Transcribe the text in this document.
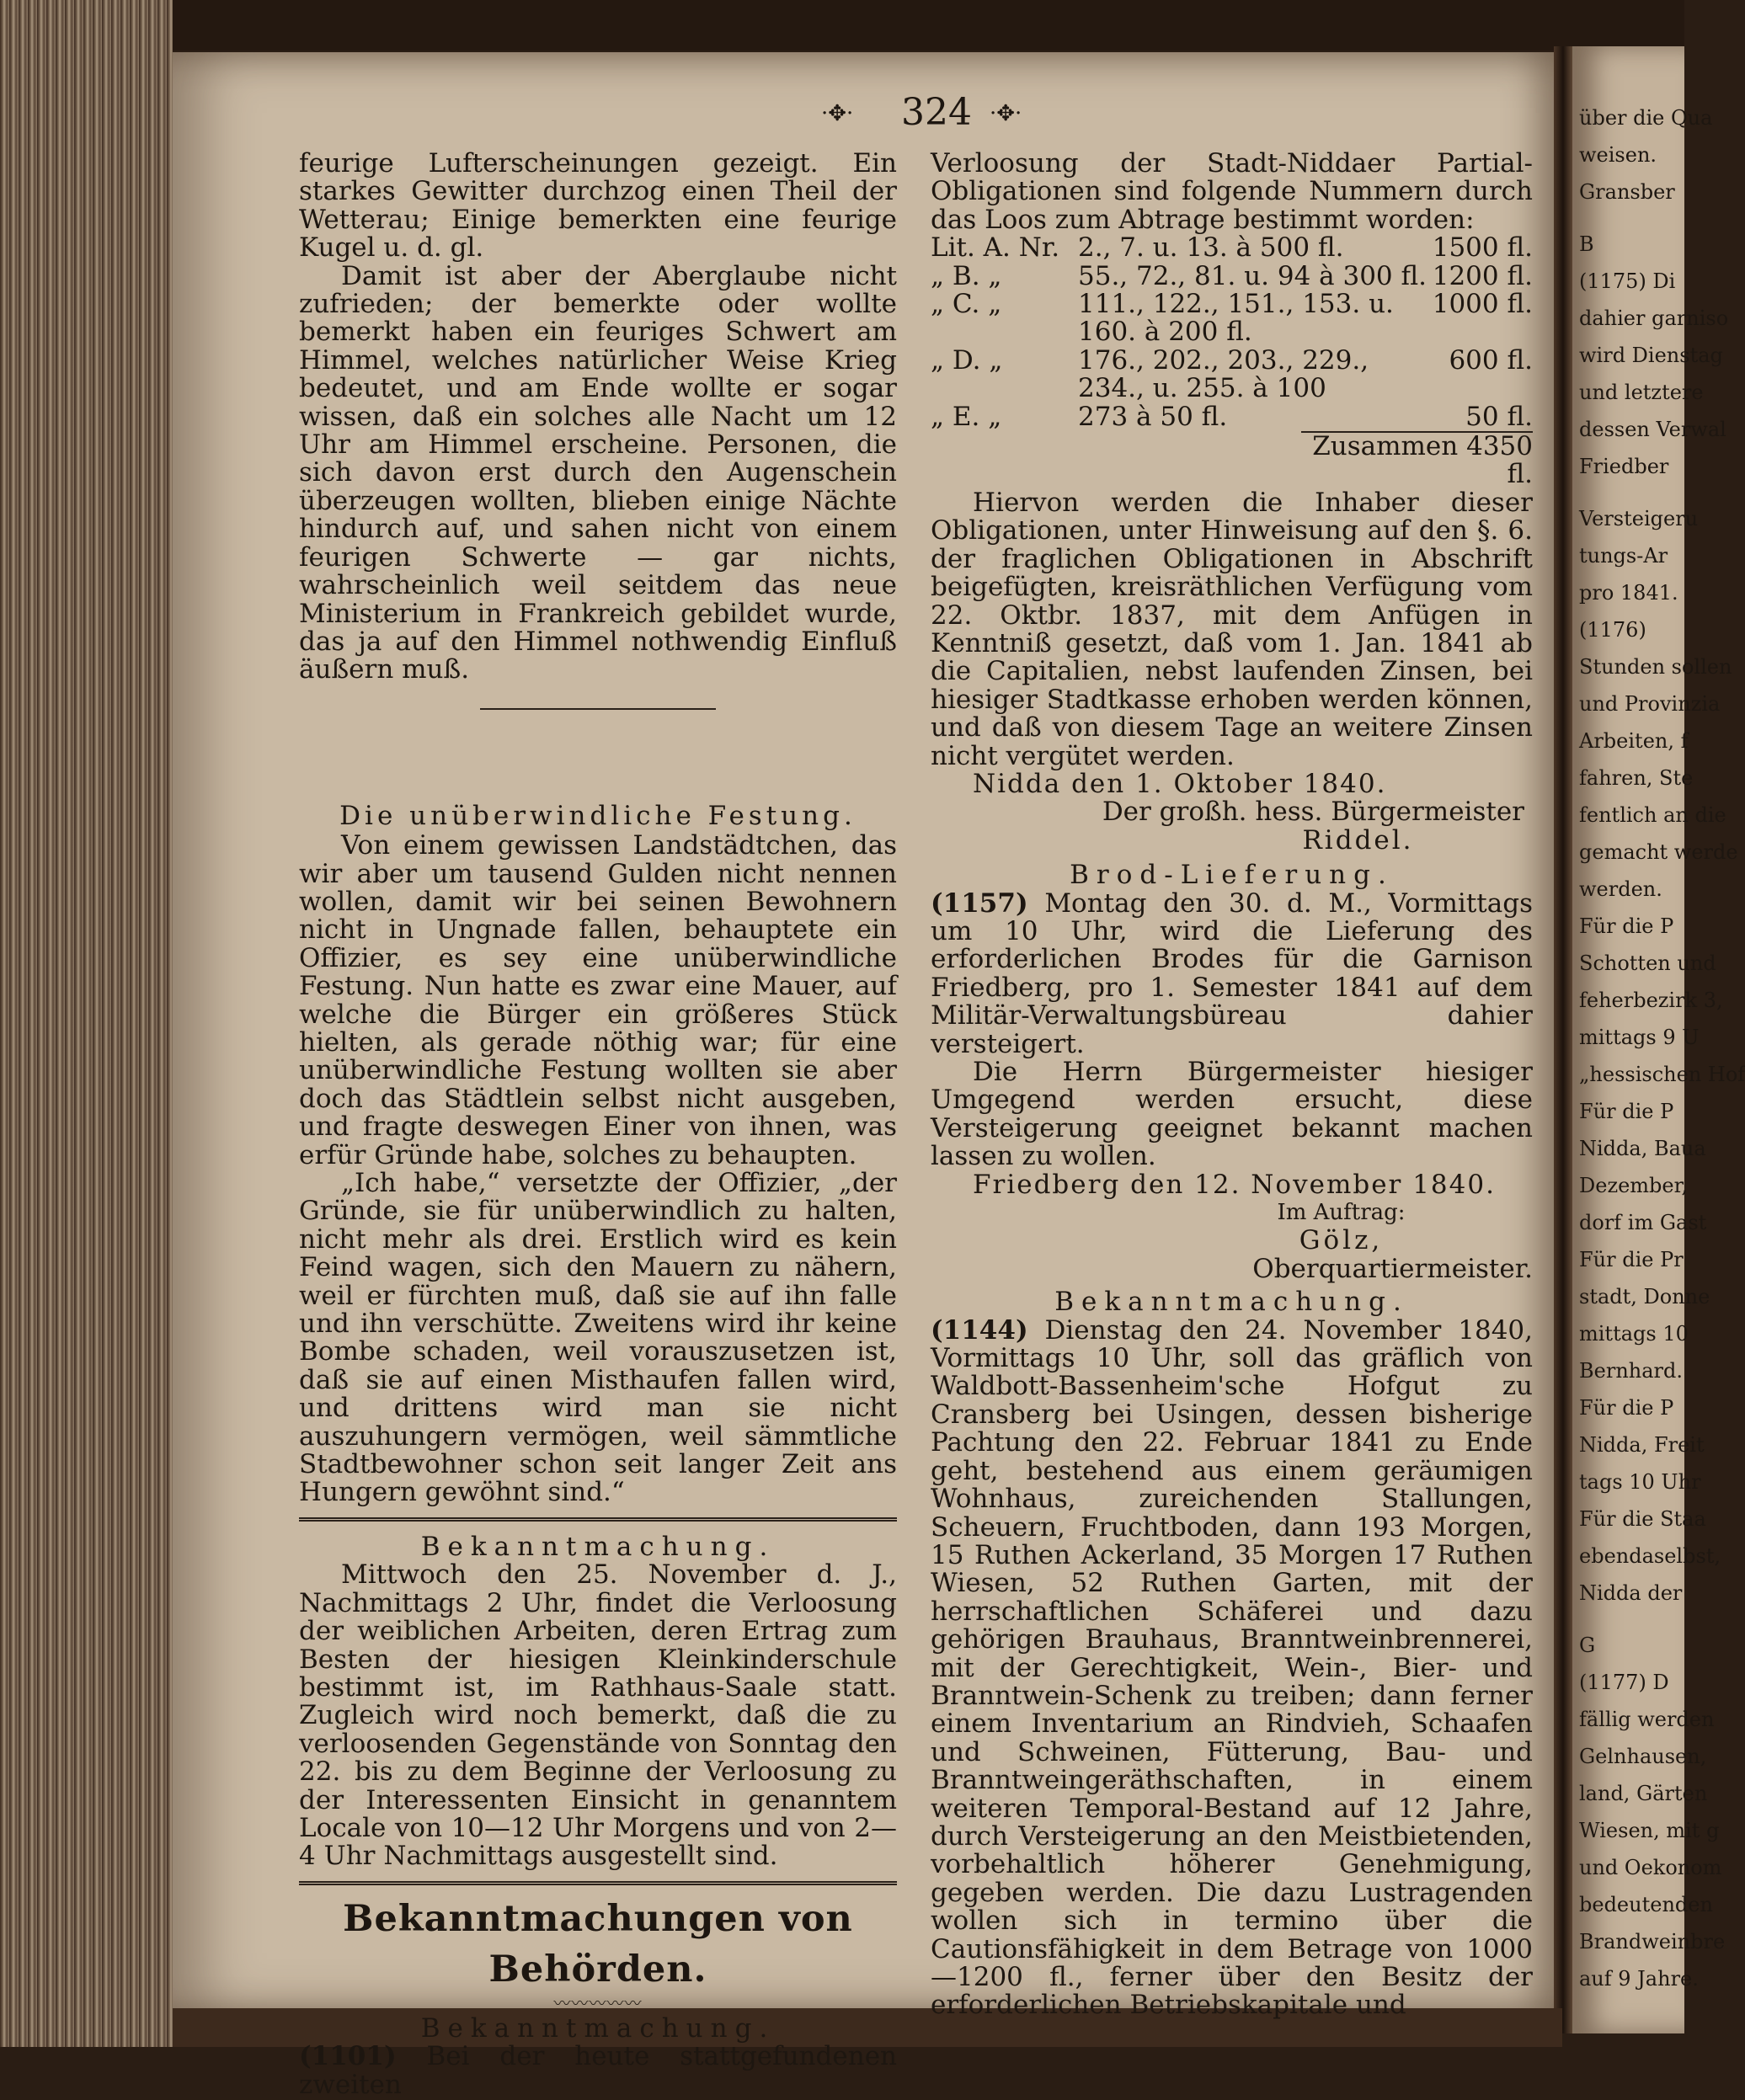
über die Qua
weisen.
Gransber
B
(1175) Di
dahier garniso
wird Dienstag
und letztere
dessen Verwal
Friedber
Versteigeru
tungs-Ar
pro 1841.
(1176)
Stunden sollen
und Provinzia
Arbeiten, f
fahren, Ste
fentlich an die
gemacht werde
werden.
Für die P
Schotten und
feherbezirk 3,
mittags 9 U
„hessischen Hof
Für die P
Nidda, Baua
Dezember,
dorf im Gast
Für die Pr
stadt, Donne
mittags 10
Bernhard.
Für die P
Nidda, Freit
tags 10 Uhr
Für die Staa
ebendaselbst,
Nidda der
G
(1177) D
fällig werden
Gelnhausen,
land, Gärten
Wiesen, mit g
und Oekonom
bedeutenden
Brandweinbre
auf 9 Jahre.
·✥· 324 ·✥·

feurige Lufterscheinungen gezeigt. Ein starkes Gewitter durchzog einen Theil der Wetterau; Einige bemerkten eine feurige Kugel u. d. gl.

Damit ist aber der Aberglaube nicht zufrieden; der bemerkte oder wollte bemerkt haben ein feuriges Schwert am Himmel, welches natürlicher Weise Krieg bedeutet, und am Ende wollte er sogar wissen, daß ein solches alle Nacht um 12 Uhr am Himmel erscheine. Personen, die sich davon erst durch den Augenschein überzeugen wollten, blieben einige Nächte hindurch auf, und sahen nicht von einem feurigen Schwerte — gar nichts, wahrscheinlich weil seitdem das neue Ministerium in Frankreich gebildet wurde, das ja auf den Himmel nothwendig Einfluß äußern muß.

Die unüberwindliche Festung.

Von einem gewissen Landstädtchen, das wir aber um tausend Gulden nicht nennen wollen, damit wir bei seinen Bewohnern nicht in Ungnade fallen, behauptete ein Offizier, es sey eine unüberwindliche Festung. Nun hatte es zwar eine Mauer, auf welche die Bürger ein größeres Stück hielten, als gerade nöthig war; für eine unüberwindliche Festung wollten sie aber doch das Städtlein selbst nicht ausgeben, und fragte deswegen Einer von ihnen, was erfür Gründe habe, solches zu behaupten.

„Ich habe,“ versetzte der Offizier, „der Gründe, sie für unüberwindlich zu halten, nicht mehr als drei. Erstlich wird es kein Feind wagen, sich den Mauern zu nähern, weil er fürchten muß, daß sie auf ihn falle und ihn verschütte. Zweitens wird ihr keine Bombe schaden, weil vorauszusetzen ist, daß sie auf einen Misthaufen fallen wird, und drittens wird man sie nicht auszuhungern vermögen, weil sämmtliche Stadtbewohner schon seit langer Zeit ans Hungern gewöhnt sind.“

Bekanntmachung.

Mittwoch den 25. November d. J., Nachmittags 2 Uhr, findet die Verloosung der weiblichen Arbeiten, deren Ertrag zum Besten der hiesigen Kleinkinderschule bestimmt ist, im Rathhaus-Saale statt. Zugleich wird noch bemerkt, daß die zu verloosenden Gegenstände von Sonntag den 22. bis zu dem Beginne der Verloosung zu der Interessenten Einsicht in genanntem Locale von 10—12 Uhr Morgens und von 2— 4 Uhr Nachmittags ausgestellt sind.

Bekanntmachungen von Behörden.

〰〰〰〰〰

Bekanntmachung.

(1101) Bei der heute stattgefundenen zweiten

Verloosung der Stadt-Niddaer Partial-Obligationen sind folgende Nummern durch das Loos zum Abtrage bestimmt worden:

Lit. A. Nr.	2., 7. u. 13. à 500 fl.	1500 fl.
„ B. „	55., 72., 81. u. 94 à 300 fl.	1200 fl.
„ C. „	111., 122., 151., 153. u. 160. à 200 fl.	1000 fl.
„ D. „	176., 202., 203., 229., 234., u. 255. à 100	600 fl.
„ E. „	273 à 50 fl.	50 fl.

Zusammen 4350 fl.

Hiervon werden die Inhaber dieser Obligationen, unter Hinweisung auf den §. 6. der fraglichen Obligationen in Abschrift beigefügten, kreisräthlichen Verfügung vom 22. Oktbr. 1837, mit dem Anfügen in Kenntniß gesetzt, daß vom 1. Jan. 1841 ab die Capitalien, nebst laufenden Zinsen, bei hiesiger Stadtkasse erhoben werden können, und daß von diesem Tage an weitere Zinsen nicht vergütet werden.

Nidda den 1. Oktober 1840.

Der großh. hess. Bürgermeister

Riddel.

Brod-Lieferung.

(1157) Montag den 30. d. M., Vormittags um 10 Uhr, wird die Lieferung des erforderlichen Brodes für die Garnison Friedberg, pro 1. Semester 1841 auf dem Militär-Verwaltungsbüreau dahier versteigert.

Die Herrn Bürgermeister hiesiger Umgegend werden ersucht, diese Versteigerung geeignet bekannt machen lassen zu wollen.

Friedberg den 12. November 1840.

Im Auftrag:

Gölz,

Oberquartiermeister.

Bekanntmachung.

(1144) Dienstag den 24. November 1840, Vormittags 10 Uhr, soll das gräflich von Waldbott-Bassenheim'sche Hofgut zu Cransberg bei Usingen, dessen bisherige Pachtung den 22. Februar 1841 zu Ende geht, bestehend aus einem geräumigen Wohnhaus, zureichenden Stallungen, Scheuern, Fruchtboden, dann 193 Morgen, 15 Ruthen Ackerland, 35 Morgen 17 Ruthen Wiesen, 52 Ruthen Garten, mit der herrschaftlichen Schäferei und dazu gehörigen Brauhaus, Branntweinbrennerei, mit der Gerechtigkeit, Wein-, Bier- und Branntwein-Schenk zu treiben; dann ferner einem Inventarium an Rindvieh, Schaafen und Schweinen, Fütterung, Bau- und Branntweingeräthschaften, in einem weiteren Temporal-Bestand auf 12 Jahre, durch Versteigerung an den Meistbietenden, vorbehaltlich höherer Genehmigung, gegeben werden. Die dazu Lustragenden wollen sich in termino über die Cautionsfähigkeit in dem Betrage von 1000—1200 fl., ferner über den Besitz der erforderlichen Betriebskapitale und
